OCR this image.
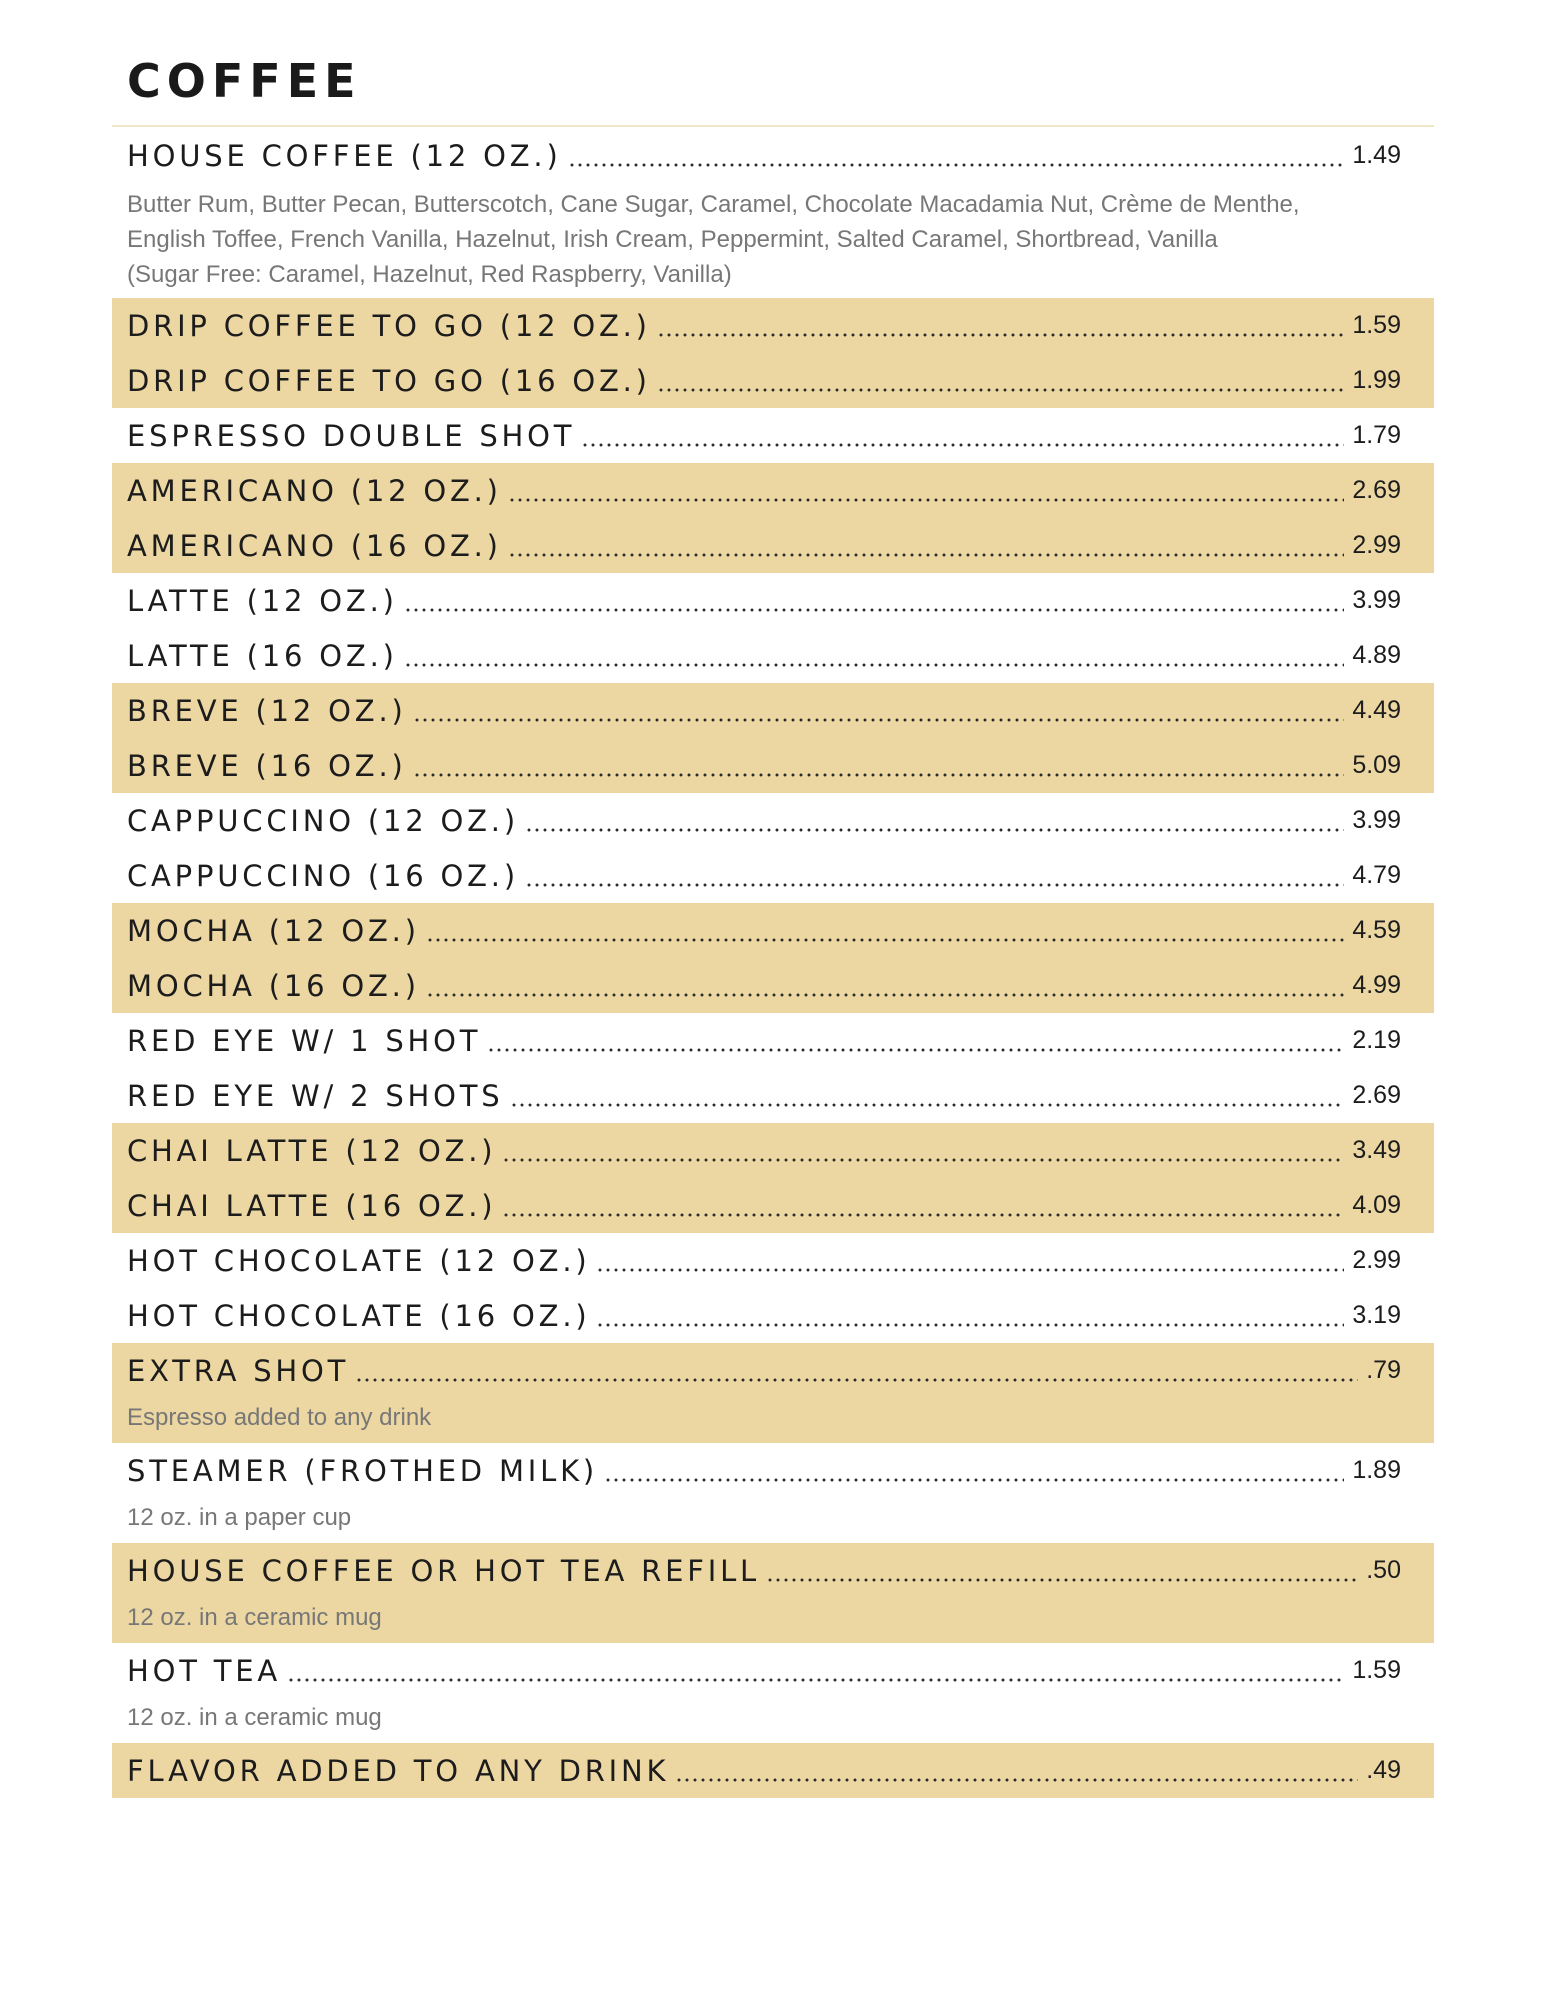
COFFEE
HOUSE COFFEE (12 OZ.)	1.49
Butter Rum, Butter Pecan, Butterscotch, Cane Sugar, Caramel, Chocolate Macadamia Nut, Crème de Menthe,
English Toffee, French Vanilla, Hazelnut, Irish Cream, Peppermint, Salted Caramel, Shortbread, Vanilla
(Sugar Free: Caramel, Hazelnut, Red Raspberry, Vanilla)
DRIP COFFEE TO GO (12 OZ.)	1.59
DRIP COFFEE TO GO (16 OZ.)	1.99
ESPRESSO DOUBLE SHOT	1.79
AMERICANO (12 OZ.)	2.69
AMERICANO (16 OZ.)	2.99
LATTE (12 OZ.)	3.99
LATTE (16 OZ.)	4.89
BREVE (12 OZ.)	4.49
BREVE (16 OZ.)	5.09
CAPPUCCINO (12 OZ.)	3.99
CAPPUCCINO (16 OZ.)	4.79
MOCHA (12 OZ.)	4.59
MOCHA (16 OZ.)	4.99
RED EYE W/ 1 SHOT	2.19
RED EYE W/ 2 SHOTS	2.69
CHAI LATTE (12 OZ.)	3.49
CHAI LATTE (16 OZ.)	4.09
HOT CHOCOLATE (12 OZ.)	2.99
HOT CHOCOLATE (16 OZ.)	3.19
EXTRA SHOT	.79
Espresso added to any drink
STEAMER (FROTHED MILK)	1.89
12 oz. in a paper cup
HOUSE COFFEE OR HOT TEA REFILL	.50
12 oz. in a ceramic mug
HOT TEA	1.59
12 oz. in a ceramic mug
FLAVOR ADDED TO ANY DRINK	.49
